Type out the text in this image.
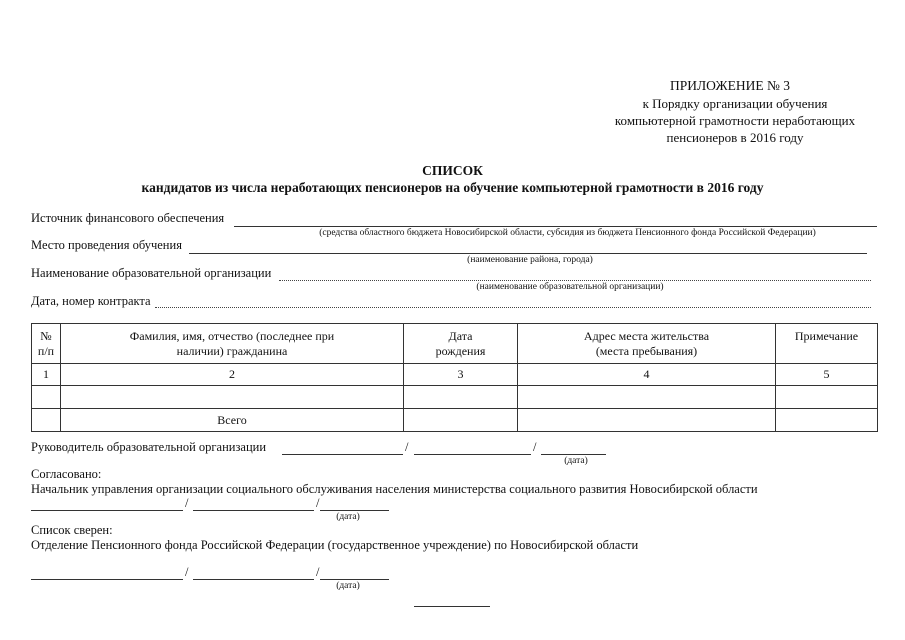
ПРИЛОЖЕНИЕ № 3
к Порядку организации обучения
компьютерной грамотности неработающих
пенсионеров в 2016 году
СПИСОК
кандидатов из числа неработающих пенсионеров на обучение компьютерной грамотности в 2016 году
Источник финансового обеспечения
(средства областного бюджета Новосибирской области, субсидия из бюджета Пенсионного фонда Российской Федерации)
Место проведения обучения
(наименование района, города)
Наименование образовательной организации
(наименование образовательной организации)
Дата, номер контракта
№ п/п	Фамилия, имя, отчество (последнее при наличии) гражданина	Дата рождения	Адрес места жительства (места пребывания)	Примечание
1	2	3	4	5

	Всего			
Руководитель образовательной организации	/	/
(дата)
Согласовано:
Начальник управления организации социального обслуживания населения министерства социального развития Новосибирской области
/	/
(дата)
Список сверен:
Отделение Пенсионного фонда Российской Федерации (государственное учреждение) по Новосибирской области
/	/
(дата)
